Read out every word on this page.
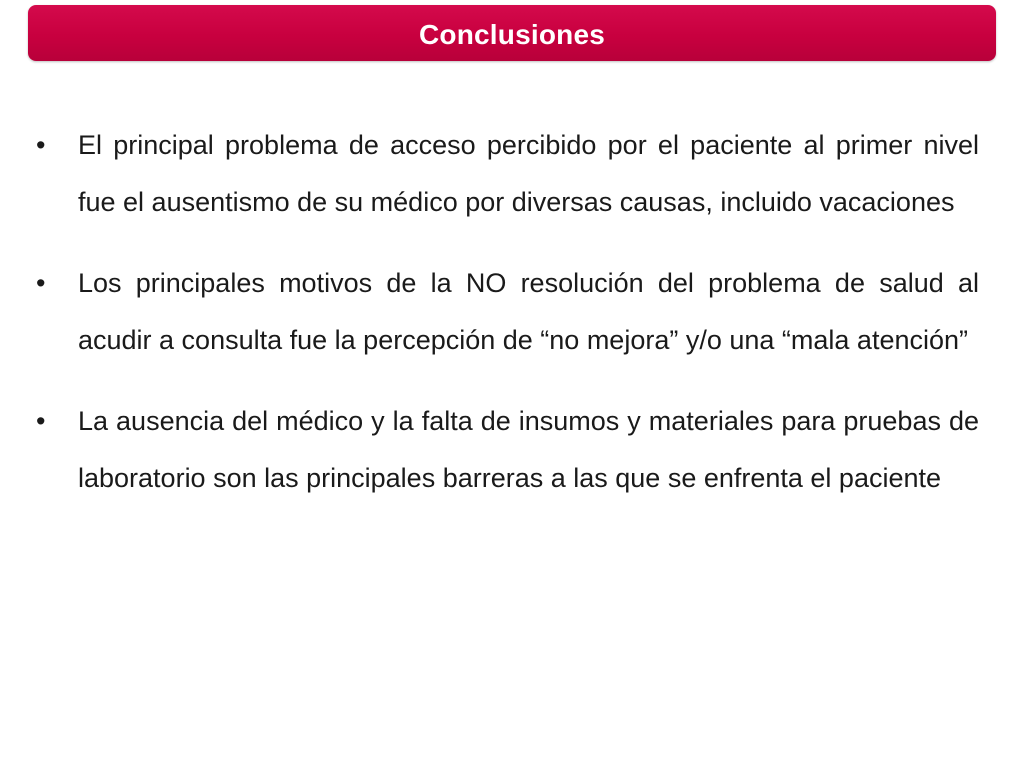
Conclusiones
•	El principal problema de acceso percibido por el paciente al primer nivel fue el ausentismo de su médico por diversas causas, incluido vacaciones
•	Los principales motivos de la NO resolución del problema de salud al acudir a consulta fue la percepción de “no mejora” y/o una “mala atención”
•	La ausencia del médico y la falta de insumos y materiales para pruebas de laboratorio son las principales barreras a las que se enfrenta el paciente
